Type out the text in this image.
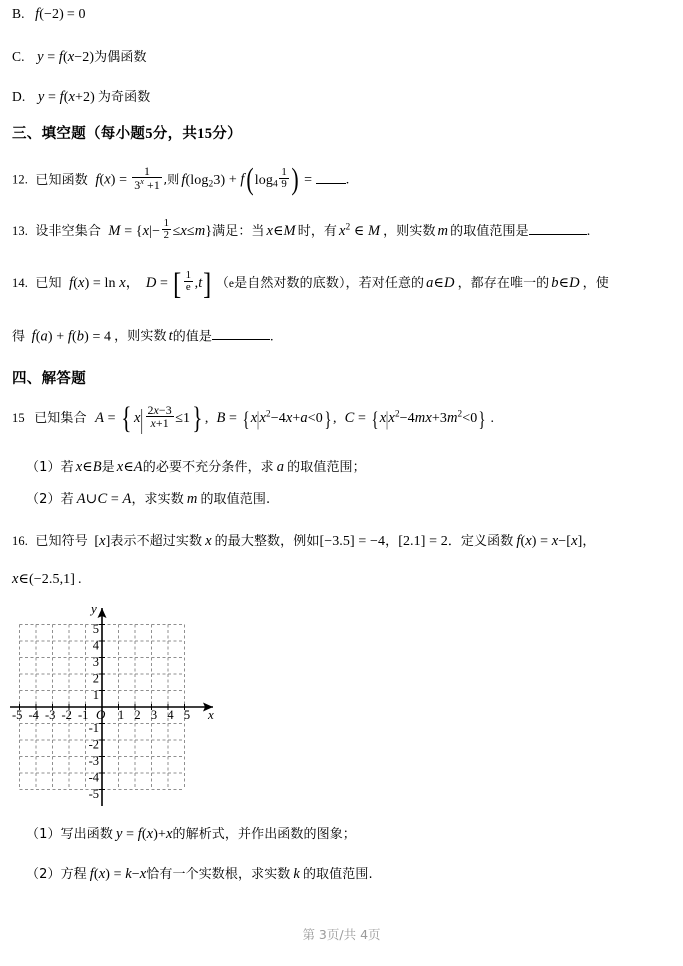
B. f(−2) = 0
C. y = f(x−2)为偶函数
D. y = f(x+2) 为奇函数
三、填空题（每小题5分，共15分）
12. 已知函数 $f(x) = \frac{1}{3^x +1}$ ,则 $f(\log_23) + f(\log_4 \frac{1}{9}$ ) = .
13. 设非空集合 $M = \{x|- \frac{1}{2} \le x\le m\}$满足：当 x∈M 时，有 $x^2$ ∈ M ，则实数 m 的取值范围是	.
14. 已知 f(x) = ln x， D = [ $\frac{1}{e} ,t$] （e是自然对数的底数），若对任意的 a∈D ，都存在唯一的 b∈D ，使
得 f(a) + f(b) = 4 ，则实数 t的值是	.
四、解答题
15 已知集合 A = { $x| \frac{2x-3}{x+1} \le 1$} , B = { $x|x^2-4x+a<0$} , C = { $x|x^2-4mx+3m^2<0$} .
（1）若 x∈B是 x∈A的必要不充分条件，求 a 的取值范围；
（2）若 A∪C = A，求实数 m 的取值范围.
16. 已知符号 [x]表示不超过实数 x 的最大整数，例如[−3.5] = −4，[2.1] = 2．定义函数 f(x) = x−[x]，
x∈(−2.5,1] .
x
y
-5 -4 -3 -2 -1 1 2 3 4 5
O
5
4
3
2
1
-1
-2
-3
-4
-5
（1）写出函数 y = f(x)+x的解析式，并作出函数的图象；
（2）方程 f(x) = k−x恰有一个实数根，求实数 k 的取值范围.
第 3页/共 4页
